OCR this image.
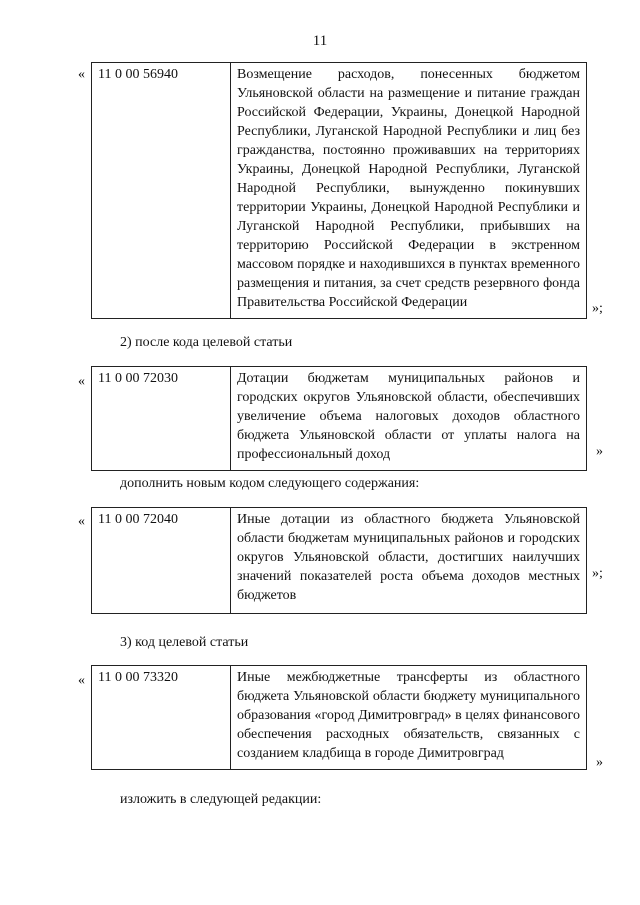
11
« 11 0 00 56940	Возмещение расходов, понесенных бюджетом Ульяновской области на размещение и питание граждан Российской Федерации, Украины, Донецкой Народной Республики, Луганской Народной Республики и лиц без гражданства, постоянно проживавших на территориях Украины, Донецкой Народной Республики, Луганской Народной Республики, вынужденно покинувших территории Украины, Донецкой Народной Республики и Луганской Народной Республики, прибывших на территорию Российской Федерации в экстренном массовом порядке и находившихся в пунктах временного размещения и питания, за счет средств резервного фонда Правительства Российской Федерации	»;
2) после кода целевой статьи
« 11 0 00 72030	Дотации бюджетам муниципальных районов и городских округов Ульяновской области, обеспечивших увеличение объема налоговых доходов областного бюджета Ульяновской области от уплаты налога на профессиональный доход	»
дополнить новым кодом следующего содержания:
« 11 0 00 72040	Иные дотации из областного бюджета Ульяновской области бюджетам муниципальных районов и городских округов Ульяновской области, достигших наилучших значений показателей роста объема доходов местных бюджетов
»;
3) код целевой статьи
« 11 0 00 73320	Иные межбюджетные трансферты из областного бюджета Ульяновской области бюджету муниципального образования «город Димитровград» в целях финансового обеспечения расходных обязательств, связанных с созданием кладбища в городе Димитровград
»
изложить в следующей редакции:
